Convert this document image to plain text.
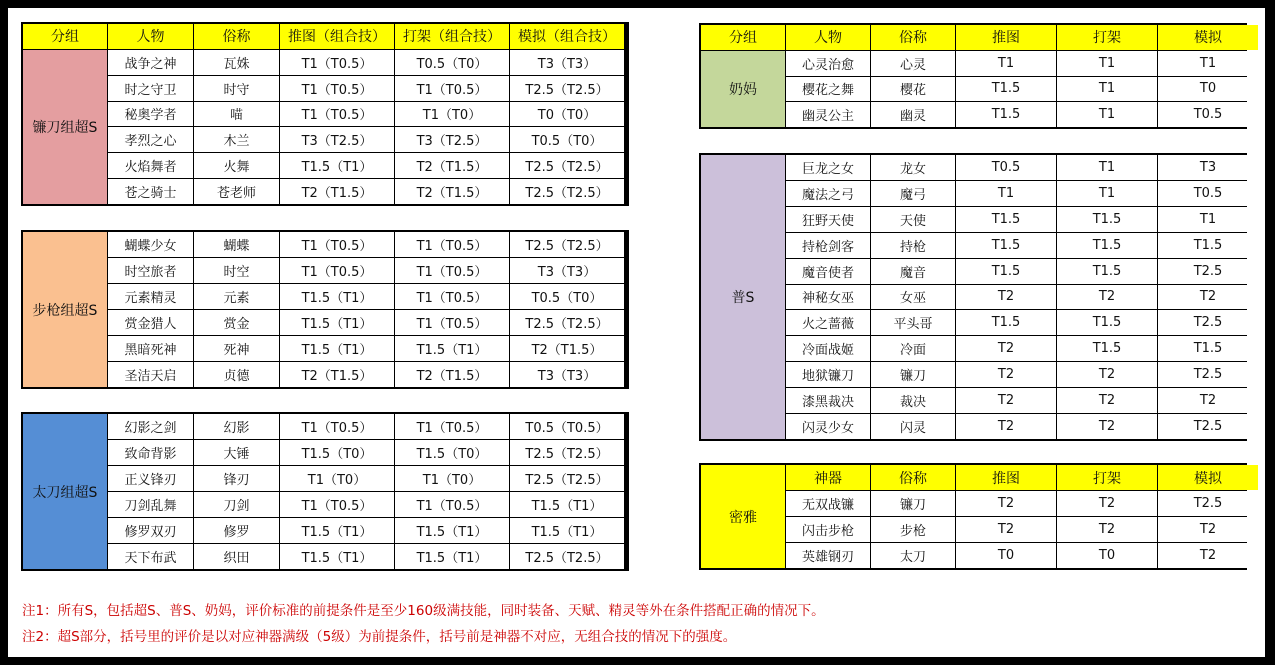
分组	人物	俗称	推图（组合技）	打架（组合技）	模拟（组合技）
镰刀组超S
战争之神	瓦姝	T1（T0.5）	T0.5（T0）	T3（T3）
时之守卫	时守	T1（T0.5）	T1（T0.5）	T2.5（T2.5）
秘奥学者	喵	T1（T0.5）	T1（T0）	T0（T0）
孝烈之心	木兰	T3（T2.5）	T3（T2.5）	T0.5（T0）
火焰舞者	火舞	T1.5（T1）	T2（T1.5）	T2.5（T2.5）
苍之骑士	苍老师	T2（T1.5）	T2（T1.5）	T2.5（T2.5）
步枪组超S
蝴蝶少女	蝴蝶	T1（T0.5）	T1（T0.5）	T2.5（T2.5）
时空旅者	时空	T1（T0.5）	T1（T0.5）	T3（T3）
元素精灵	元素	T1.5（T1）	T1（T0.5）	T0.5（T0）
赏金猎人	赏金	T1.5（T1）	T1（T0.5）	T2.5（T2.5）
黑暗死神	死神	T1.5（T1）	T1.5（T1）	T2（T1.5）
圣洁天启	贞德	T2（T1.5）	T2（T1.5）	T3（T3）
太刀组超S
幻影之剑	幻影	T1（T0.5）	T1（T0.5）	T0.5（T0.5）
致命背影	大锤	T1.5（T0）	T1.5（T0）	T2.5（T2.5）
正义锋刃	锋刃	T1（T0）	T1（T0）	T2.5（T2.5）
刀剑乱舞	刀剑	T1（T0.5）	T1（T0.5）	T1.5（T1）
修罗双刃	修罗	T1.5（T1）	T1.5（T1）	T1.5（T1）
天下布武	织田	T1.5（T1）	T1.5（T1）	T2.5（T2.5）
分组	人物	俗称	推图	打架	模拟
奶妈
心灵治愈	心灵	T1	T1	T1
樱花之舞	樱花	T1.5	T1	T0
幽灵公主	幽灵	T1.5	T1	T0.5
普S
巨龙之女	龙女	T0.5	T1	T3
魔法之弓	魔弓	T1	T1	T0.5
狂野天使	天使	T1.5	T1.5	T1
持枪剑客	持枪	T1.5	T1.5	T1.5
魔音使者	魔音	T1.5	T1.5	T2.5
神秘女巫	女巫	T2	T2	T2
火之蔷薇	平头哥	T1.5	T1.5	T2.5
冷面战姬	冷面	T2	T1.5	T1.5
地狱镰刀	镰刀	T2	T2	T2.5
漆黑裁决	裁决	T2	T2	T2
闪灵少女	闪灵	T2	T2	T2.5
神器	俗称	推图	打架	模拟
密雅
无双战镰	镰刀	T2	T2	T2.5
闪击步枪	步枪	T2	T2	T2
英雄钢刃	太刀	T0	T0	T2
注1：所有S，包括超S、普S、奶妈，评价标准的前提条件是至少160级满技能，同时装备、天赋、精灵等外在条件搭配正确的情况下。
注2：超S部分，括号里的评价是以对应神器满级（5级）为前提条件，括号前是神器不对应，无组合技的情况下的强度。
